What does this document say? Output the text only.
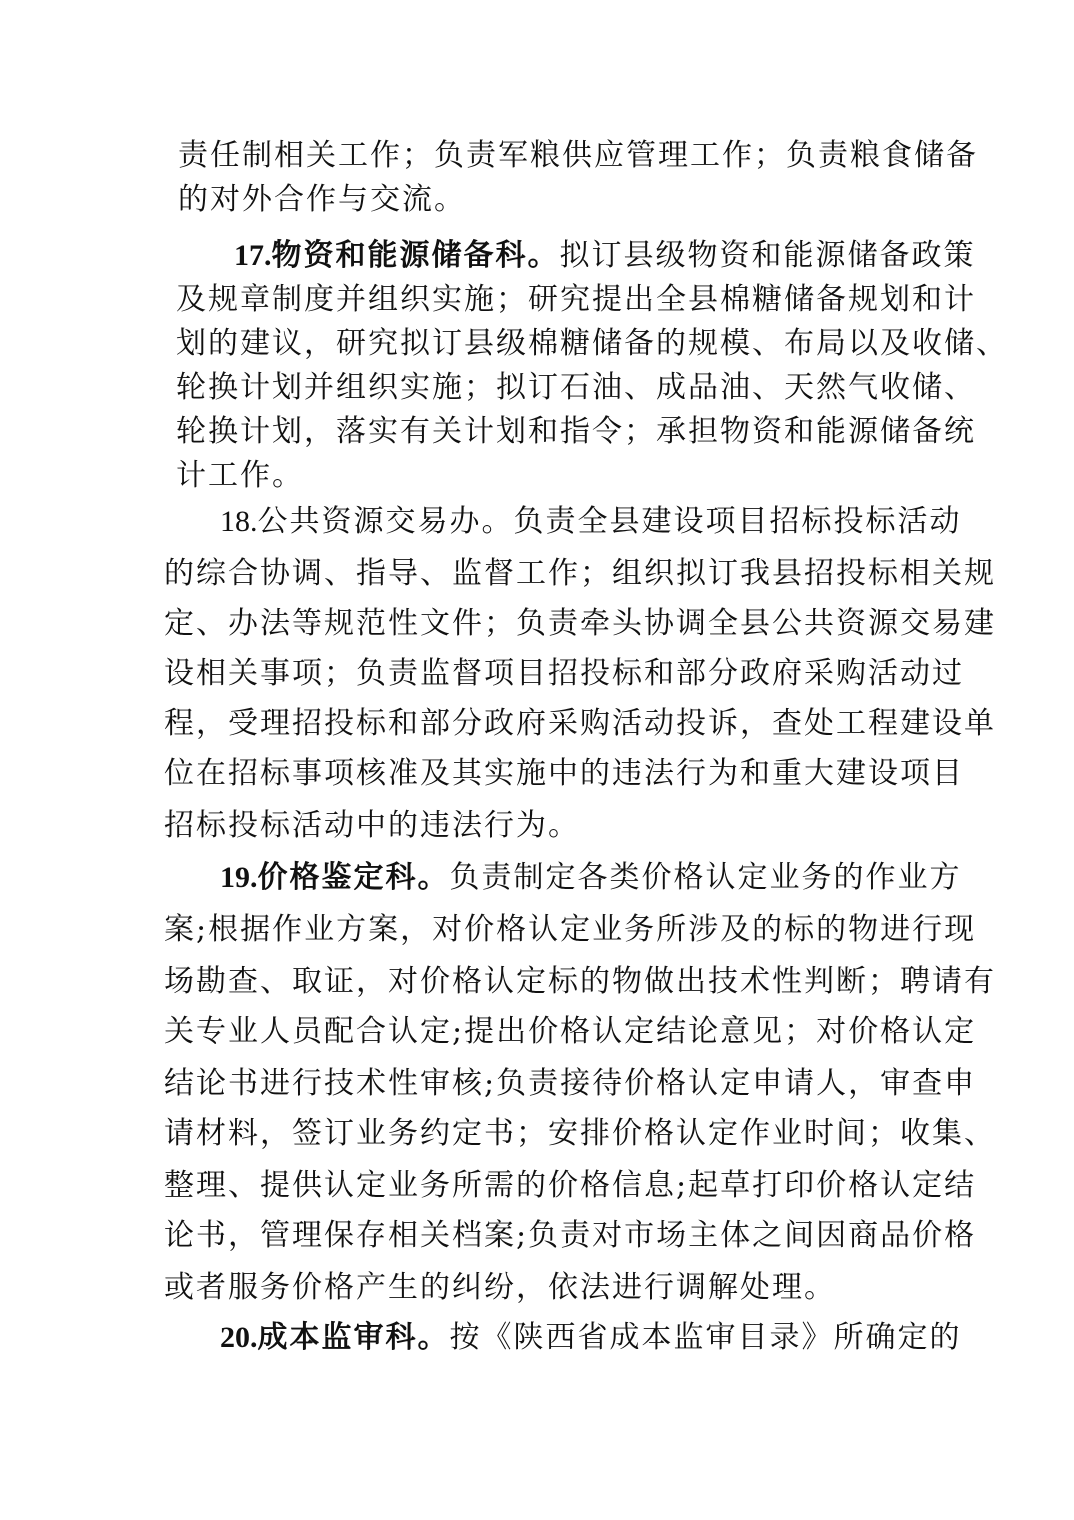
责任制相关工作；负责军粮供应管理工作；负责粮食储备
的对外合作与交流。
17.物资和能源储备科。拟订县级物资和能源储备政策
及规章制度并组织实施；研究提出全县棉糖储备规划和计
划的建议，研究拟订县级棉糖储备的规模、布局以及收储、
轮换计划并组织实施；拟订石油、成品油、天然气收储、
轮换计划，落实有关计划和指令；承担物资和能源储备统
计工作。
18.公共资源交易办。负责全县建设项目招标投标活动
的综合协调、指导、监督工作；组织拟订我县招投标相关规
定、办法等规范性文件；负责牵头协调全县公共资源交易建
设相关事项；负责监督项目招投标和部分政府采购活动过
程，受理招投标和部分政府采购活动投诉，查处工程建设单
位在招标事项核准及其实施中的违法行为和重大建设项目
招标投标活动中的违法行为。
19.价格鉴定科。负责制定各类价格认定业务的作业方
案;根据作业方案，对价格认定业务所涉及的标的物进行现
场勘查、取证，对价格认定标的物做出技术性判断；聘请有
关专业人员配合认定;提出价格认定结论意见；对价格认定
结论书进行技术性审核;负责接待价格认定申请人，审查申
请材料，签订业务约定书；安排价格认定作业时间；收集、
整理、提供认定业务所需的价格信息;起草打印价格认定结
论书，管理保存相关档案;负责对市场主体之间因商品价格
或者服务价格产生的纠纷，依法进行调解处理。
20.成本监审科。按《陕西省成本监审目录》所确定的
